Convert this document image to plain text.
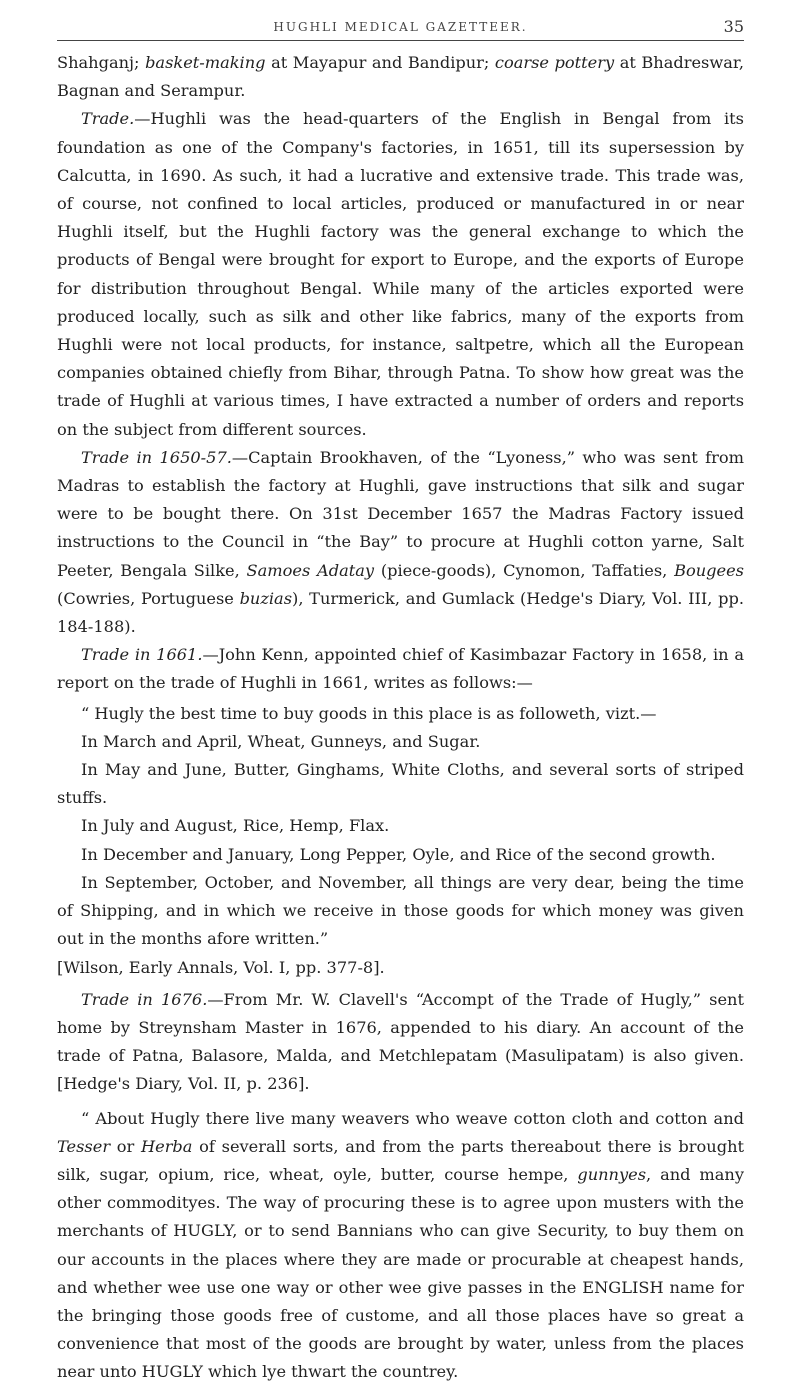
HUGHLI MEDICAL GAZETTEER.	35

Shahganj; basket-making at Mayapur and Bandipur; coarse pottery at Bhadreswar, Bagnan and Serampur.

Trade.—Hughli was the head-quarters of the English in Bengal from its foundation as one of the Company's factories, in 1651, till its supersession by Calcutta, in 1690. As such, it had a lucrative and extensive trade. This trade was, of course, not confined to local articles, produced or manufactured in or near Hughli itself, but the Hughli factory was the general exchange to which the products of Bengal were brought for export to Europe, and the exports of Europe for distribution throughout Bengal. While many of the articles exported were produced locally, such as silk and other like fabrics, many of the exports from Hughli were not local products, for instance, saltpetre, which all the European companies obtained chiefly from Bihar, through Patna. To show how great was the trade of Hughli at various times, I have extracted a number of orders and reports on the subject from different sources.

Trade in 1650-57.—Captain Brookhaven, of the “Lyoness,” who was sent from Madras to establish the factory at Hughli, gave instructions that silk and sugar were to be bought there. On 31st December 1657 the Madras Factory issued instructions to the Council in “the Bay” to procure at Hughli cotton yarne, Salt Peeter, Bengala Silke, Samoes Adatay (piece-goods), Cynomon, Taffaties, Bougees (Cowries, Portuguese buzias), Turmerick, and Gumlack (Hedge's Diary, Vol. III, pp. 184-188).

Trade in 1661.—John Kenn, appointed chief of Kasimbazar Factory in 1658, in a report on the trade of Hughli in 1661, writes as follows:—

“ Hugly the best time to buy goods in this place is as followeth, vizt.—

In March and April, Wheat, Gunneys, and Sugar.

In May and June, Butter, Ginghams, White Cloths, and several sorts of striped stuffs.

In July and August, Rice, Hemp, Flax.

In December and January, Long Pepper, Oyle, and Rice of the second growth.

In September, October, and November, all things are very dear, being the time of Shipping, and in which we receive in those goods for which money was given out in the months afore written.”

[Wilson, Early Annals, Vol. I, pp. 377-8].

Trade in 1676.—From Mr. W. Clavell's “Accompt of the Trade of Hugly,” sent home by Streynsham Master in 1676, appended to his diary. An account of the trade of Patna, Balasore, Malda, and Metchlepatam (Masulipatam) is also given. [Hedge's Diary, Vol. II, p. 236].

“ About Hugly there live many weavers who weave cotton cloth and cotton and Tesser or Herba of severall sorts, and from the parts thereabout there is brought silk, sugar, opium, rice, wheat, oyle, butter, course hempe, gunnyes, and many other commodityes. The way of procuring these is to agree upon musters with the merchants of HUGLY, or to send Bannians who can give Security, to buy them on our accounts in the places where they are made or procurable at cheapest hands, and whether wee use one way or other wee give passes in the ENGLISH name for the bringing those goods free of custome, and all those places have so great a convenience that most of the goods are brought by water, unless from the places near unto HUGLY which lye thwart the countrey.
